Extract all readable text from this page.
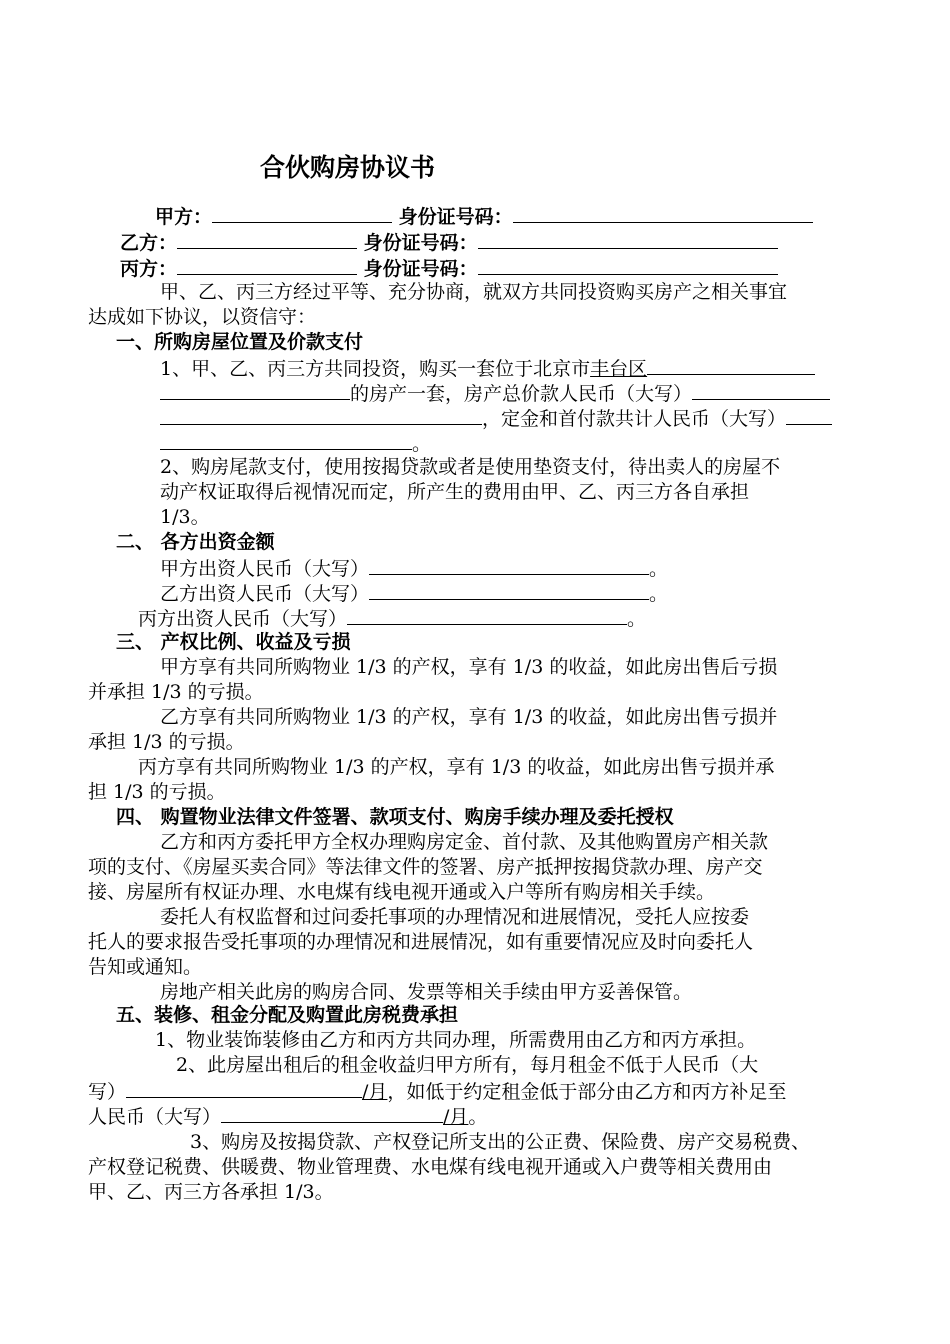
合伙购房协议书
甲方：	身份证号码：
乙方：	身份证号码：
丙方：	身份证号码：
甲、乙、丙三方经过平等、充分协商，就双方共同投资购买房产之相关事宜
达成如下协议，以资信守：
一、所购房屋位置及价款支付
1、甲、乙、丙三方共同投资，购买一套位于北京市丰台区
的房产一套，房产总价款人民币（大写）
，定金和首付款共计人民币（大写）
。
2、购房尾款支付，使用按揭贷款或者是使用垫资支付，待出卖人的房屋不
动产权证取得后视情况而定，所产生的费用由甲、乙、丙三方各自承担
1/3。
二、 各方出资金额
甲方出资人民币（大写）	。
乙方出资人民币（大写）	。
丙方出资人民币（大写）	。
三、 产权比例、收益及亏损
甲方享有共同所购物业 1/3 的产权，享有 1/3 的收益，如此房出售后亏损
并承担 1/3 的亏损。
乙方享有共同所购物业 1/3 的产权，享有 1/3 的收益，如此房出售亏损并
承担 1/3 的亏损。
丙方享有共同所购物业 1/3 的产权，享有 1/3 的收益，如此房出售亏损并承
担 1/3 的亏损。
四、 购置物业法律文件签署、款项支付、购房手续办理及委托授权
乙方和丙方委托甲方全权办理购房定金、首付款、及其他购置房产相关款
项的支付、《房屋买卖合同》等法律文件的签署、房产抵押按揭贷款办理、房产交
接、房屋所有权证办理、水电煤有线电视开通或入户等所有购房相关手续。
委托人有权监督和过问委托事项的办理情况和进展情况，受托人应按委
托人的要求报告受托事项的办理情况和进展情况，如有重要情况应及时向委托人
告知或通知。
房地产相关此房的购房合同、发票等相关手续由甲方妥善保管。
五、装修、租金分配及购置此房税费承担
1、物业装饰装修由乙方和丙方共同办理，所需费用由乙方和丙方承担。
2、此房屋出租后的租金收益归甲方所有，每月租金不低于人民币（大
写）	/月，如低于约定租金低于部分由乙方和丙方补足至
人民币（大写）	/月。
3、购房及按揭贷款、产权登记所支出的公正费、保险费、房产交易税费、
产权登记税费、供暖费、物业管理费、水电煤有线电视开通或入户费等相关费用由
甲、乙、丙三方各承担 1/3。
